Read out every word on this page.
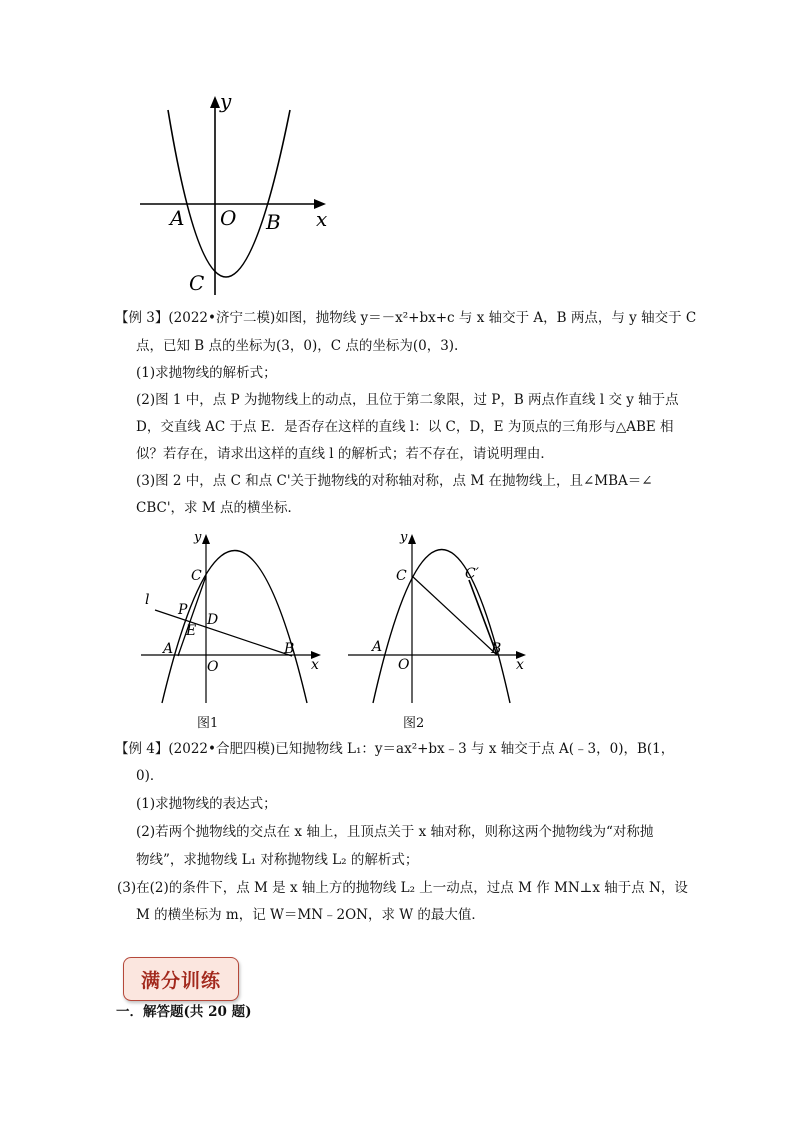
y
x
A O B
C
【例 3】(2022•济宁二模)如图，抛物线 y＝－x²+bx+c 与 x 轴交于 A，B 两点，与 y 轴交于 C
点，已知 B 点的坐标为(3，0)，C 点的坐标为(0，3).
(1)求抛物线的解析式；
(2)图 1 中，点 P 为抛物线上的动点，且位于第二象限，过 P，B 两点作直线 l 交 y 轴于点
D，交直线 AC 于点 E．是否存在这样的直线 l：以 C，D，E 为顶点的三角形与△ABE 相
似？若存在，请求出这样的直线 l 的解析式；若不存在，请说明理由．
(3)图 2 中，点 C 和点 C'关于抛物线的对称轴对称，点 M 在抛物线上，且∠MBA＝∠
CBC'，求 M 点的横坐标．
y
C
l
P
D
E
A
O
B
x
图1
y
C	C′
A
O
B
x
图2
【例 4】(2022•合肥四模)已知抛物线 L₁：y＝ax²+bx﹣3 与 x 轴交于点 A(﹣3，0)，B(1，
0)．
(1)求抛物线的表达式；
(2)若两个抛物线的交点在 x 轴上，且顶点关于 x 轴对称，则称这两个抛物线为“对称抛
物线”，求抛物线 L₁ 对称抛物线 L₂ 的解析式；
(3)在(2)的条件下，点 M 是 x 轴上方的抛物线 L₂ 上一动点，过点 M 作 MN⊥x 轴于点 N，设
M 的横坐标为 m，记 W＝MN﹣2ON，求 W 的最大值．
满分训练
一．解答题(共 20 题)
